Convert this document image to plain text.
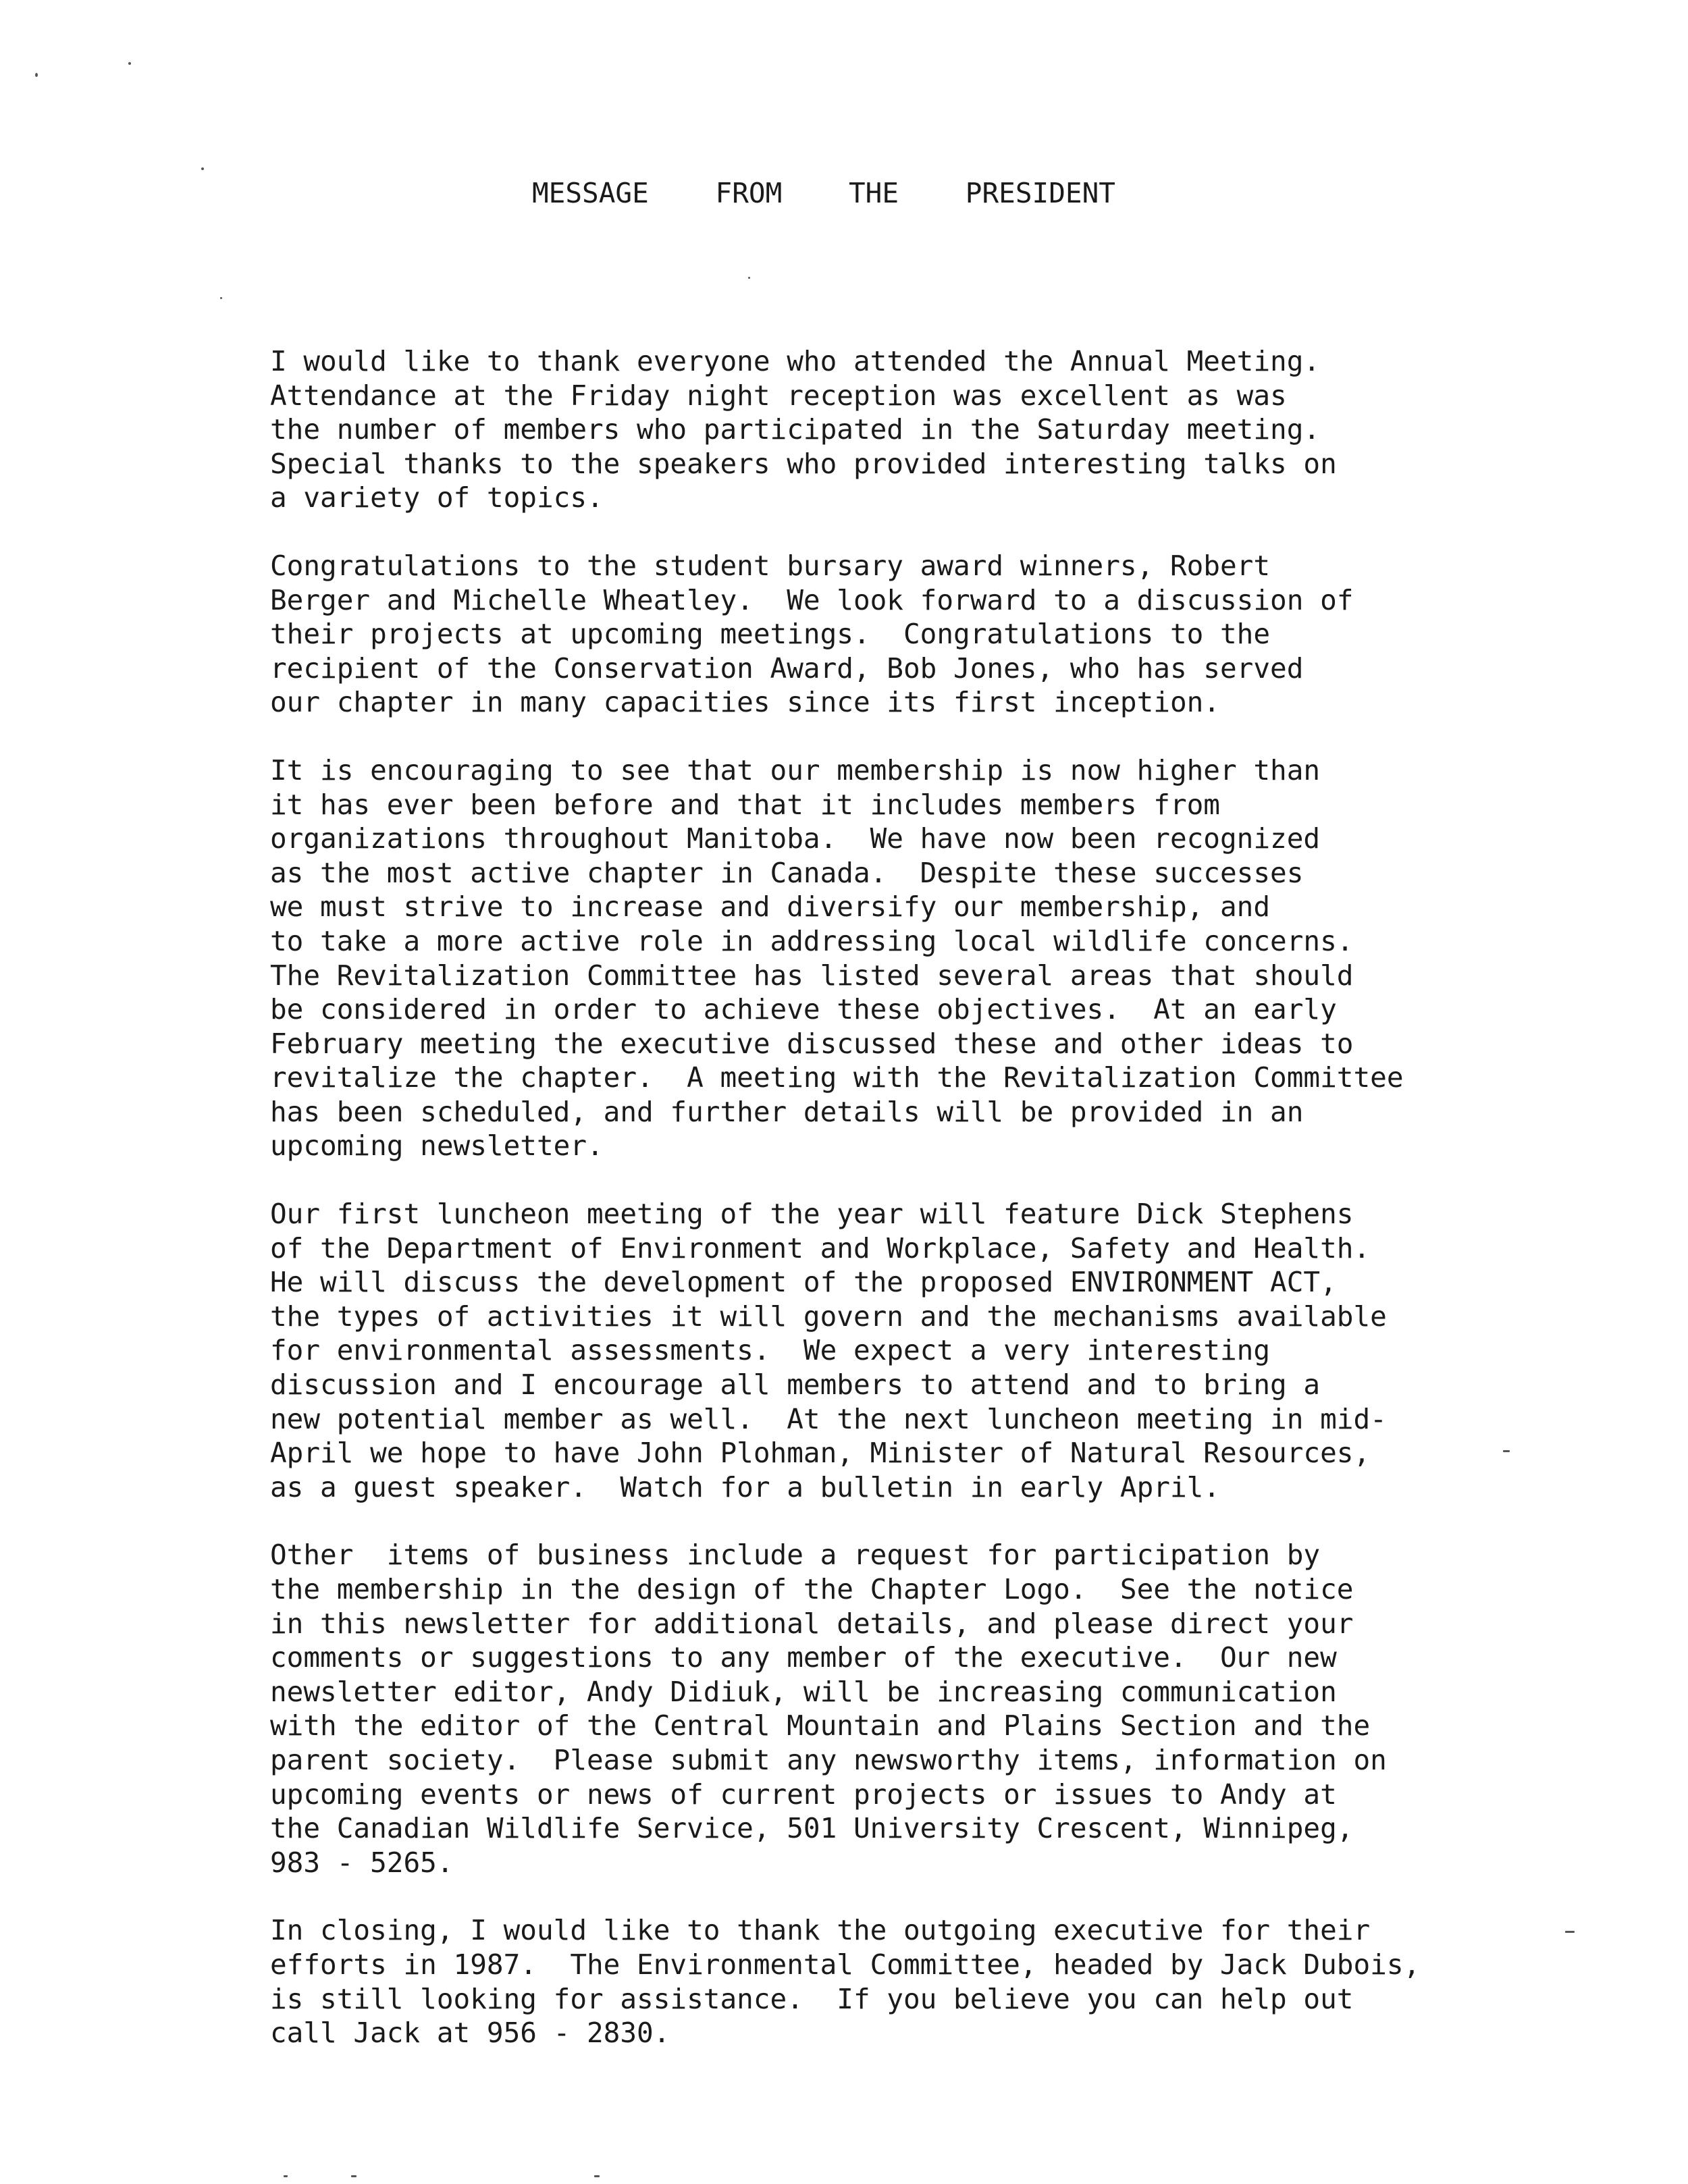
MESSAGE    FROM    THE    PRESIDENT

I would like to thank everyone who attended the Annual Meeting.
Attendance at the Friday night reception was excellent as was
the number of members who participated in the Saturday meeting.
Special thanks to the speakers who provided interesting talks on
a variety of topics.

Congratulations to the student bursary award winners, Robert
Berger and Michelle Wheatley.  We look forward to a discussion of
their projects at upcoming meetings.  Congratulations to the
recipient of the Conservation Award, Bob Jones, who has served
our chapter in many capacities since its first inception.

It is encouraging to see that our membership is now higher than
it has ever been before and that it includes members from
organizations throughout Manitoba.  We have now been recognized
as the most active chapter in Canada.  Despite these successes
we must strive to increase and diversify our membership, and
to take a more active role in addressing local wildlife concerns.
The Revitalization Committee has listed several areas that should
be considered in order to achieve these objectives.  At an early
February meeting the executive discussed these and other ideas to
revitalize the chapter.  A meeting with the Revitalization Committee
has been scheduled, and further details will be provided in an
upcoming newsletter.

Our first luncheon meeting of the year will feature Dick Stephens
of the Department of Environment and Workplace, Safety and Health.
He will discuss the development of the proposed ENVIRONMENT ACT,
the types of activities it will govern and the mechanisms available
for environmental assessments.  We expect a very interesting
discussion and I encourage all members to attend and to bring a
new potential member as well.  At the next luncheon meeting in mid-
April we hope to have John Plohman, Minister of Natural Resources,
as a guest speaker.  Watch for a bulletin in early April.

Other  items of business include a request for participation by
the membership in the design of the Chapter Logo.  See the notice
in this newsletter for additional details, and please direct your
comments or suggestions to any member of the executive.  Our new
newsletter editor, Andy Didiuk, will be increasing communication
with the editor of the Central Mountain and Plains Section and the
parent society.  Please submit any newsworthy items, information on
upcoming events or news of current projects or issues to Andy at
the Canadian Wildlife Service, 501 University Crescent, Winnipeg,
983 - 5265.

In closing, I would like to thank the outgoing executive for their
efforts in 1987.  The Environmental Committee, headed by Jack Dubois,
is still looking for assistance.  If you believe you can help out
call Jack at 956 - 2830.
